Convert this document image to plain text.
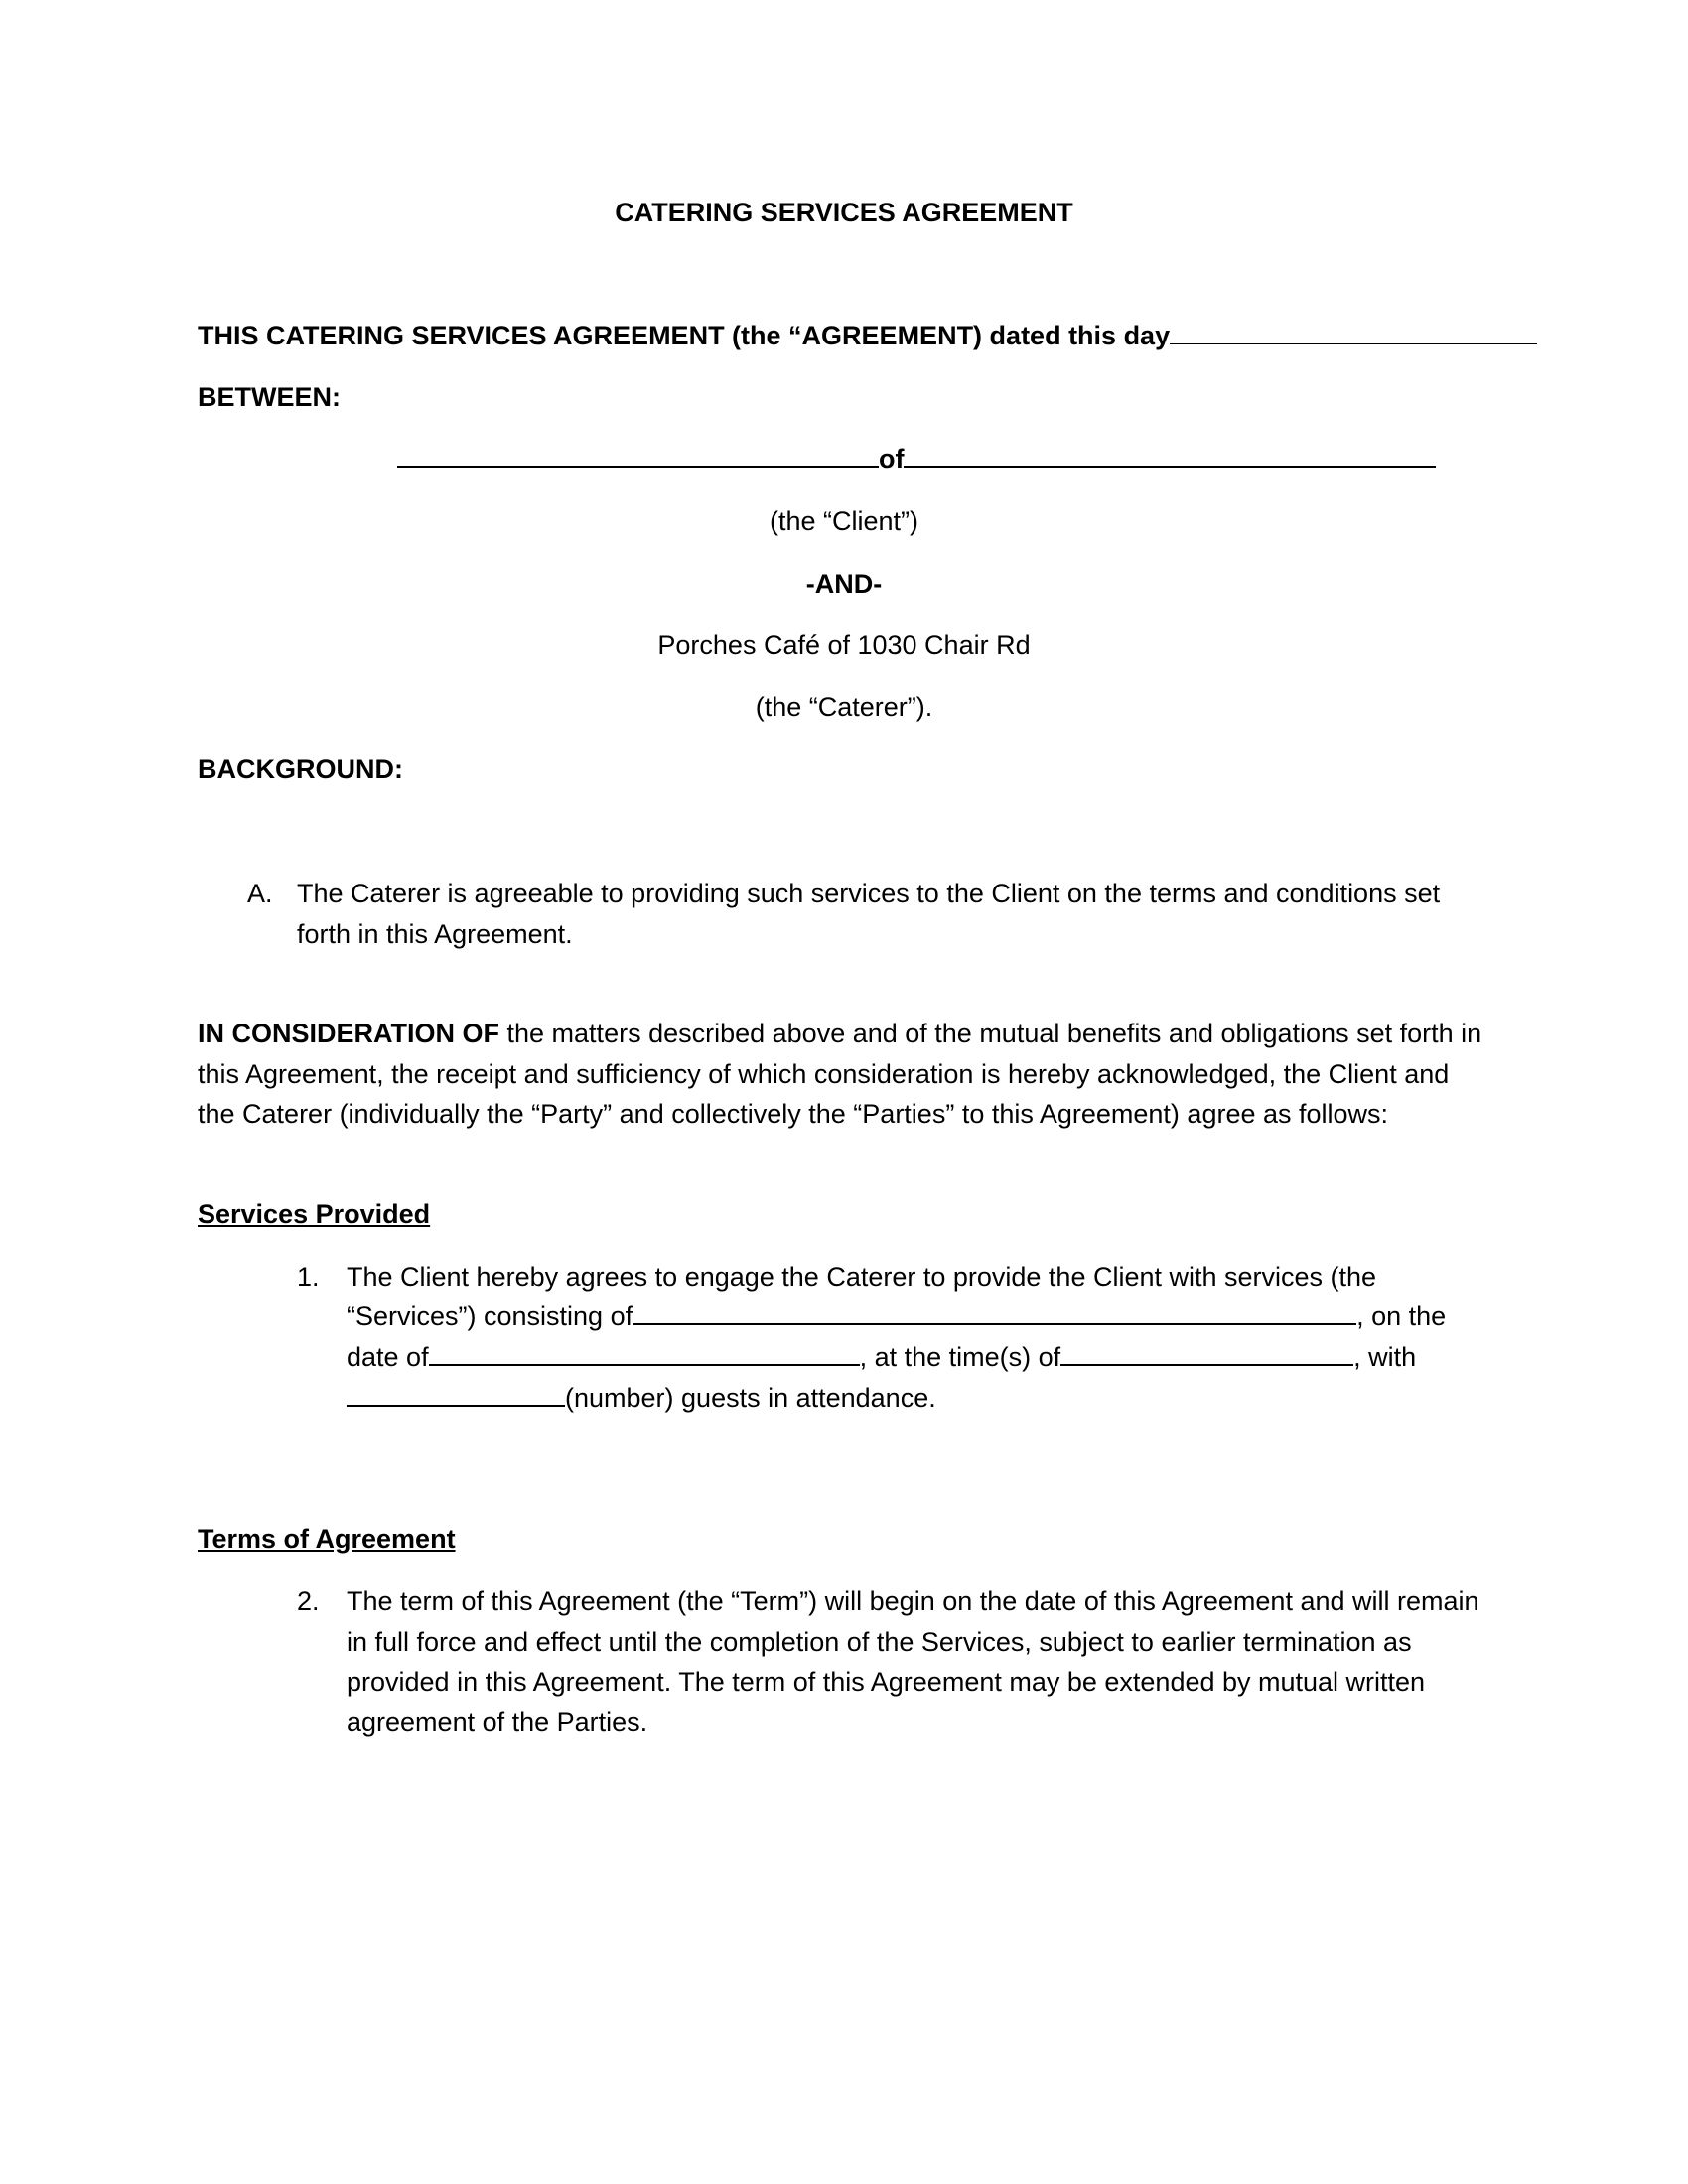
CATERING SERVICES AGREEMENT
THIS CATERING SERVICES AGREEMENT (the “AGREEMENT) dated this day
BETWEEN:
of
(the “Client”)
-AND-
Porches Café of 1030 Chair Rd
(the “Caterer”).
BACKGROUND:
A. The Caterer is agreeable to providing such services to the Client on the terms and conditions set forth in this Agreement.
IN CONSIDERATION OF the matters described above and of the mutual benefits and obligations set forth in this Agreement, the receipt and sufficiency of which consideration is hereby acknowledged, the Client and the Caterer (individually the “Party” and collectively the “Parties” to this Agreement) agree as follows:
Services Provided
1. The Client hereby agrees to engage the Caterer to provide the Client with services (the
“Services”) consisting of	, on the
date of	, at the time(s) of	, with
(number) guests in attendance.
Terms of Agreement
2. The term of this Agreement (the “Term”) will begin on the date of this Agreement and will remain in full force and effect until the completion of the Services, subject to earlier termination as provided in this Agreement. The term of this Agreement may be extended by mutual written agreement of the Parties.
